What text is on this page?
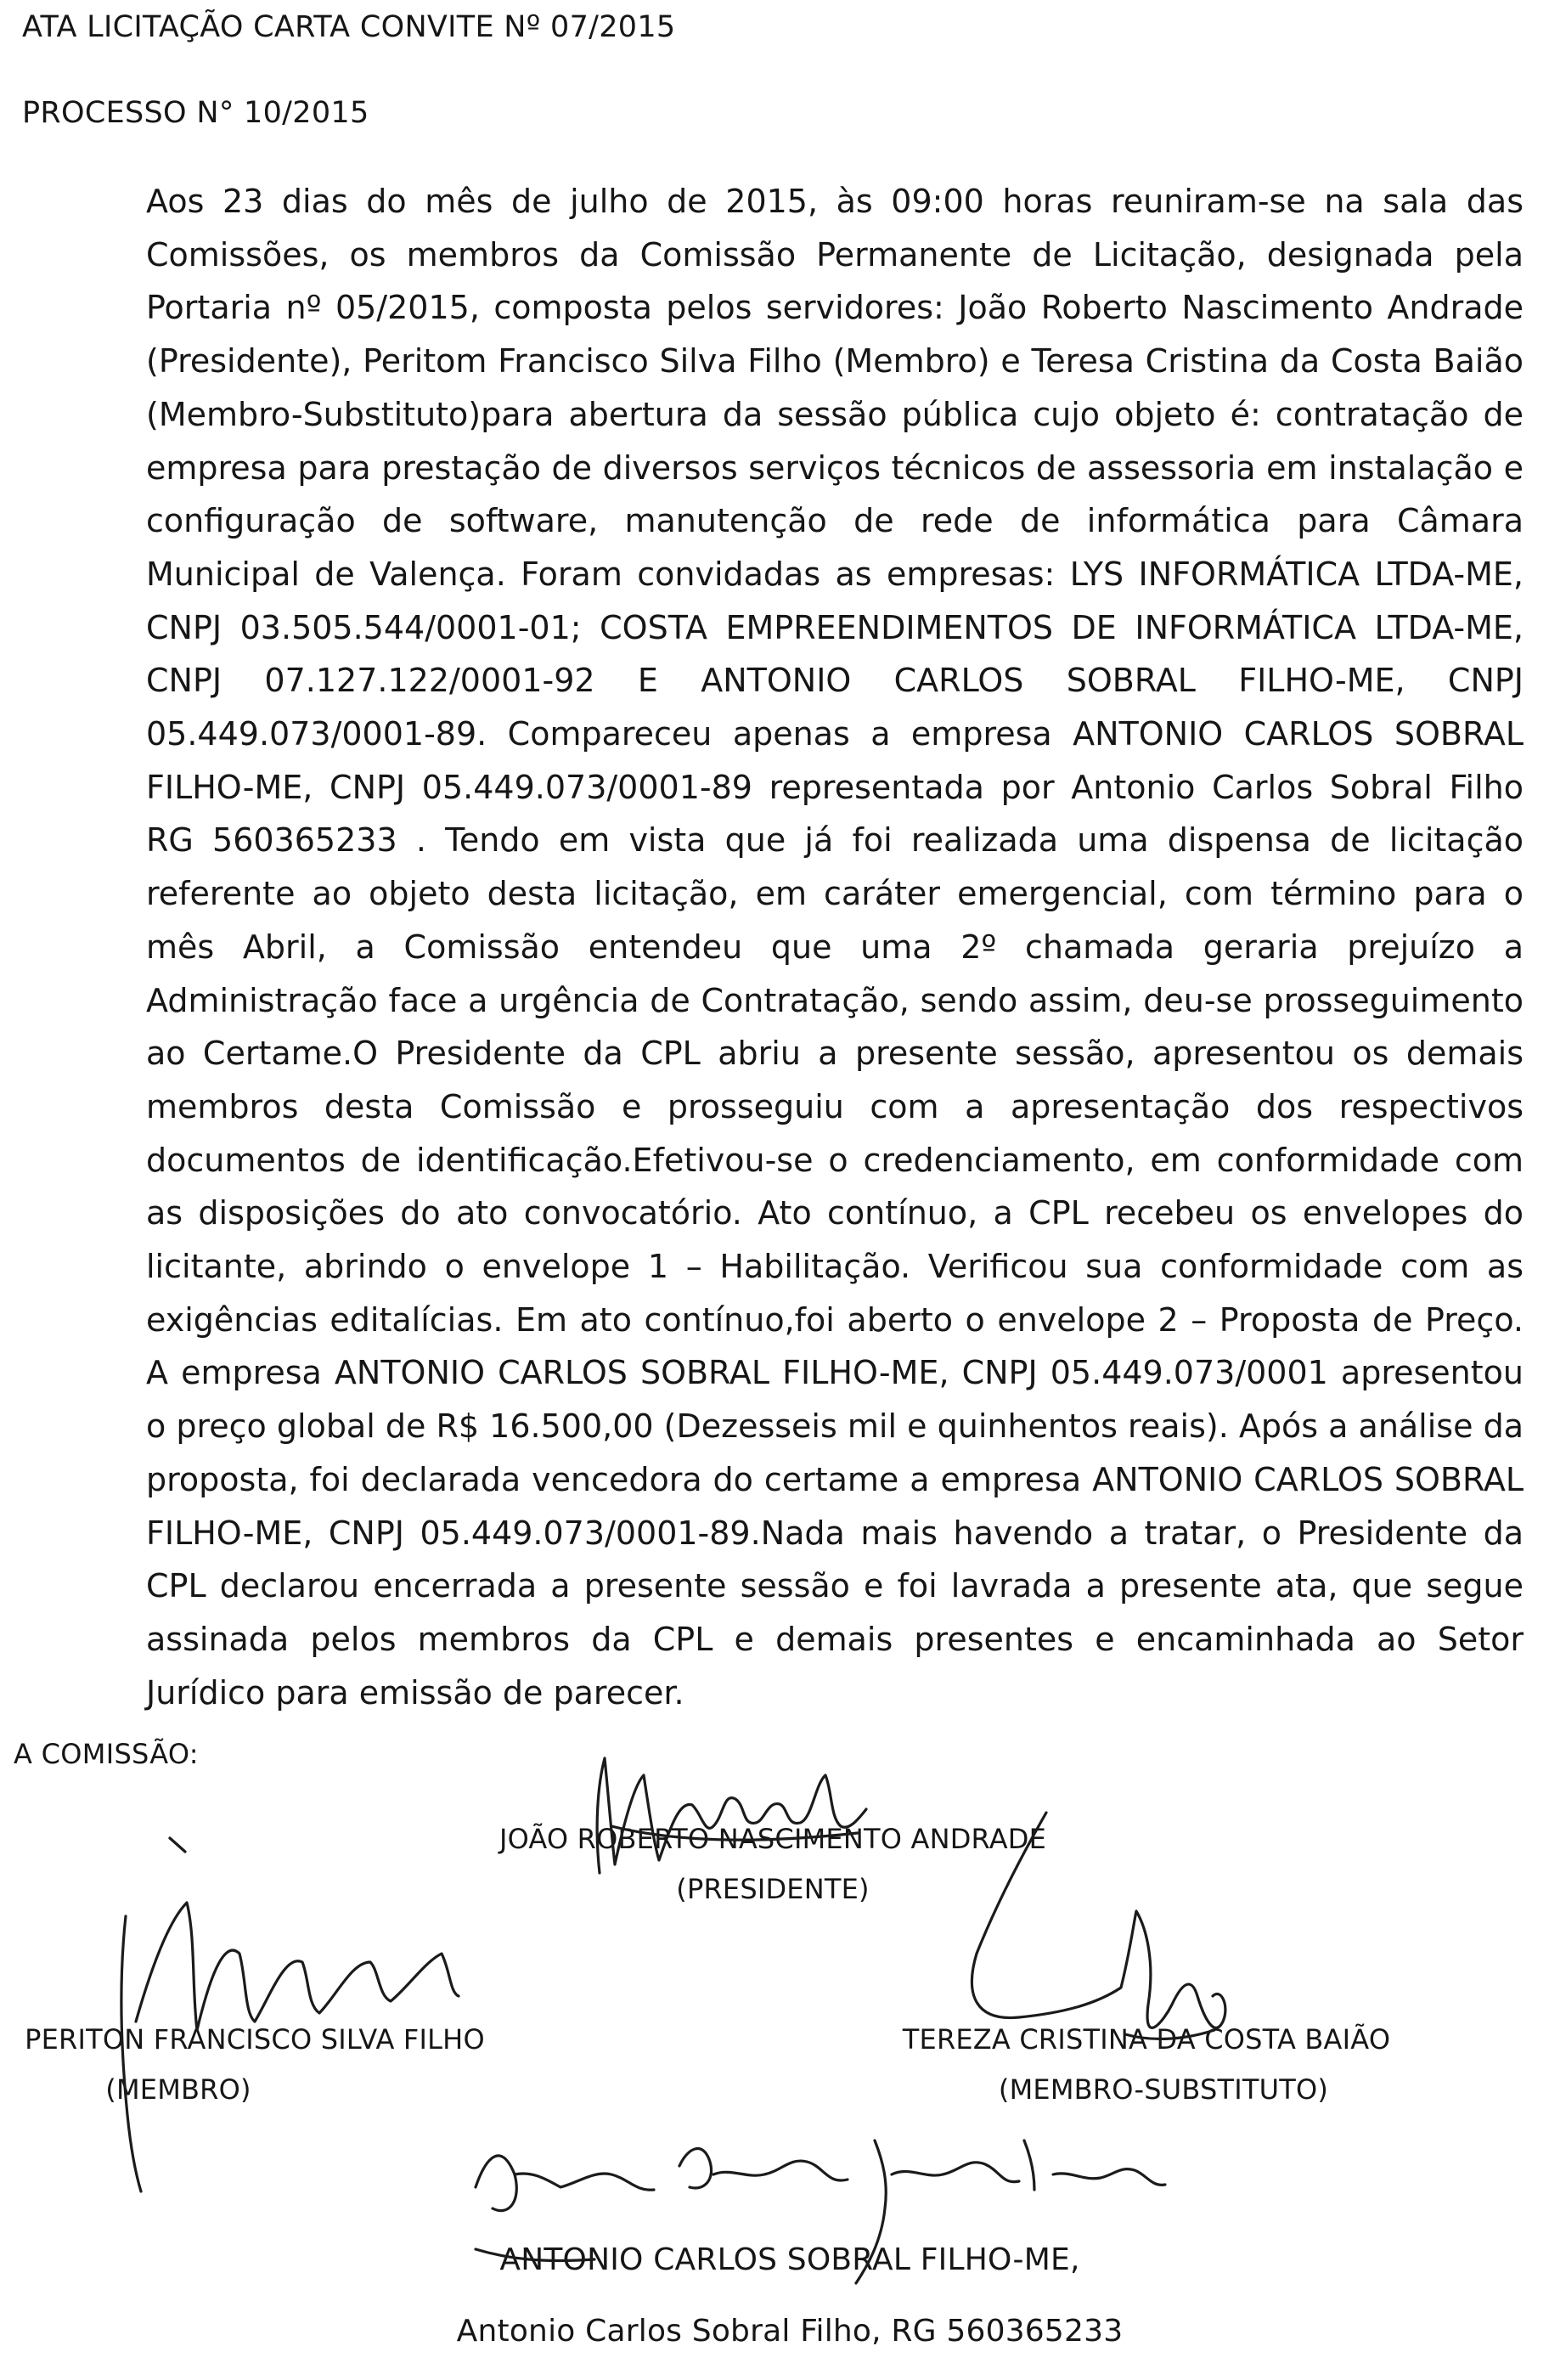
ATA LICITAÇÃO CARTA CONVITE Nº 07/2015
PROCESSO N° 10/2015
Aos 23 dias do mês de julho de 2015, às 09:00 horas reuniram-se na sala das Comissões, os membros da Comissão Permanente de Licitação, designada pela Portaria nº 05/2015, composta pelos servidores: João Roberto Nascimento Andrade (Presidente), Peritom Francisco Silva Filho (Membro) e Teresa Cristina da Costa Baião (Membro-Substituto)para abertura da sessão pública cujo objeto é: contratação de empresa para prestação de diversos serviços técnicos de assessoria em instalação e configuração de software, manutenção de rede de informática para Câmara Municipal de Valença. Foram convidadas as empresas: LYS INFORMÁTICA LTDA-ME, CNPJ 03.505.544/0001-01; COSTA EMPREENDIMENTOS DE INFORMÁTICA LTDA-ME, CNPJ 07.127.122/0001-92 E ANTONIO CARLOS SOBRAL FILHO-ME, CNPJ 05.449.073/0001-89. Compareceu apenas a empresa ANTONIO CARLOS SOBRAL FILHO-ME, CNPJ 05.449.073/0001-89 representada por Antonio Carlos Sobral Filho RG 560365233 . Tendo em vista que já foi realizada uma dispensa de licitação referente ao objeto desta licitação, em caráter emergencial, com término para o mês Abril, a Comissão entendeu que uma 2º chamada geraria prejuízo a Administração face a urgência de Contratação, sendo assim, deu-se prosseguimento ao Certame.O Presidente da CPL abriu a presente sessão, apresentou os demais membros desta Comissão e prosseguiu com a apresentação dos respectivos documentos de identificação.Efetivou-se o credenciamento, em conformidade com as disposições do ato convocatório. Ato contínuo, a CPL recebeu os envelopes do licitante, abrindo o envelope 1 – Habilitação. Verificou sua conformidade com as exigências editalícias. Em ato contínuo,foi aberto o envelope 2 – Proposta de Preço. A empresa ANTONIO CARLOS SOBRAL FILHO-ME, CNPJ 05.449.073/0001 apresentou o preço global de R$ 16.500,00 (Dezesseis mil e quinhentos reais). Após a análise da proposta, foi declarada vencedora do certame a empresa ANTONIO CARLOS SOBRAL FILHO-ME, CNPJ 05.449.073/0001-89.Nada mais havendo a tratar, o Presidente da CPL declarou encerrada a presente sessão e foi lavrada a presente ata, que segue assinada pelos membros da CPL e demais presentes e encaminhada ao Setor Jurídico para emissão de parecer.
A COMISSÃO:
JOÃO ROBERTO NASCIMENTO ANDRADE
(PRESIDENTE)
PERITON FRANCISCO SILVA FILHO
(MEMBRO)
TEREZA CRISTINA DA COSTA BAIÃO
(MEMBRO-SUBSTITUTO)
ANTONIO CARLOS SOBRAL FILHO-ME,
Antonio Carlos Sobral Filho, RG 560365233
